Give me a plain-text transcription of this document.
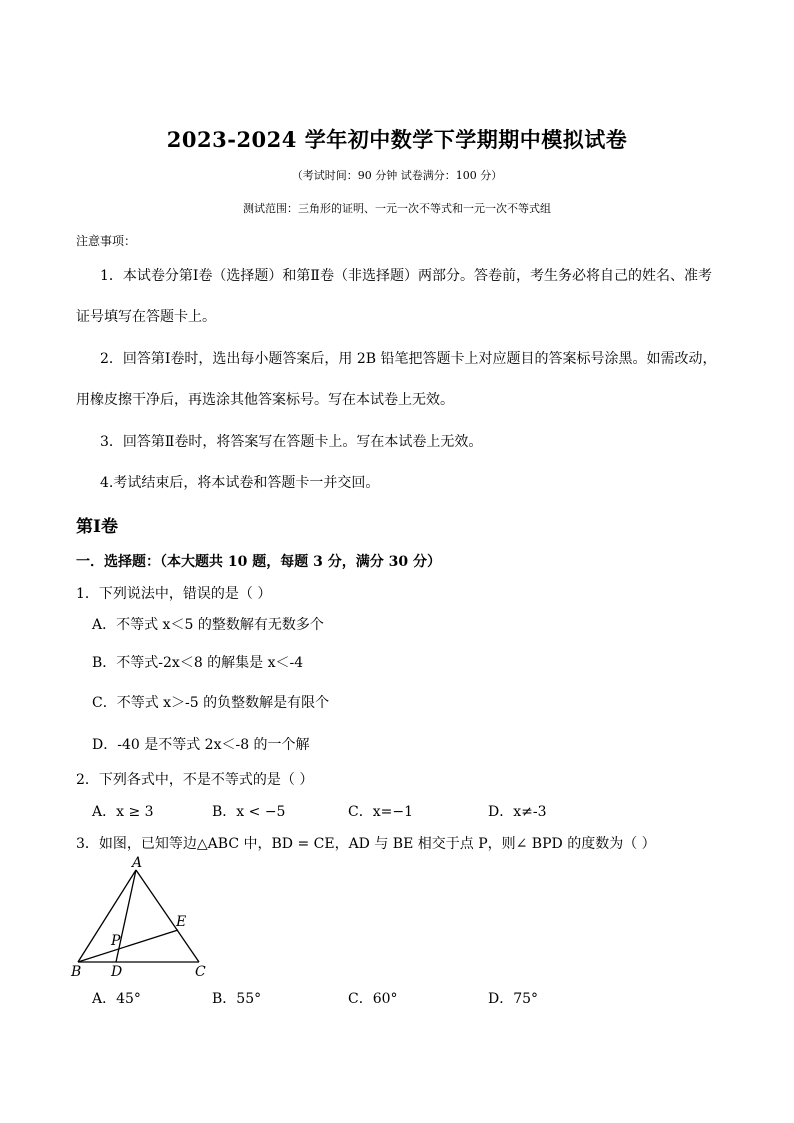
2023-2024 学年初中数学下学期期中模拟试卷
（考试时间：90 分钟 试卷满分：100 分）
测试范围：三角形的证明、一元一次不等式和一元一次不等式组
注意事项：
1．本试卷分第Ⅰ卷（选择题）和第Ⅱ卷（非选择题）两部分。答卷前，考生务必将自己的姓名、准考
证号填写在答题卡上。
2．回答第Ⅰ卷时，选出每小题答案后，用 2B 铅笔把答题卡上对应题目的答案标号涂黑。如需改动，
用橡皮擦干净后，再选涂其他答案标号。写在本试卷上无效。
3．回答第Ⅱ卷时，将答案写在答题卡上。写在本试卷上无效。
4.考试结束后，将本试卷和答题卡一并交回。
第Ⅰ卷
一．选择题：（本大题共 10 题，每题 3 分，满分 30 分）
1．下列说法中，错误的是（ ）
A．不等式 x＜5 的整数解有无数多个
B．不等式-2x＜8 的解集是 x＜-4
C．不等式 x＞-5 的负整数解是有限个
D．-40 是不等式 2x＜-8 的一个解
2．下列各式中，不是不等式的是（ ）
A．x ≥ 3	B．x < −5	C．x=−1	D．x≠-3
3．如图，已知等边△ABC 中，BD = CE，AD 与 BE 相交于点 P，则∠ BPD 的度数为（ ）
A
B	C
D
E
P
A．45°	B．55°	C．60°	D．75°
